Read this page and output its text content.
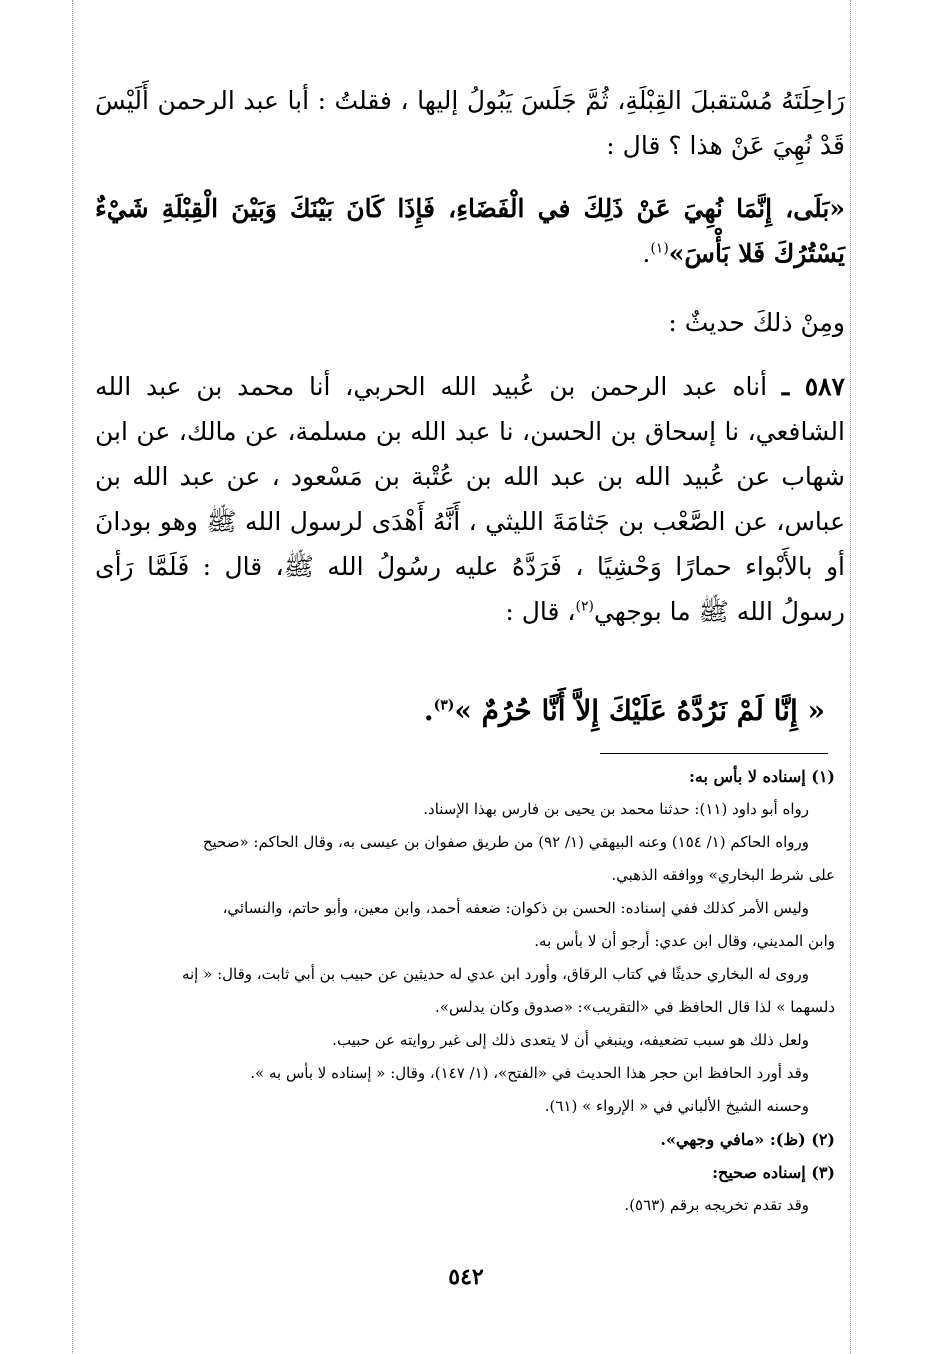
رَاحِلَتَهُ مُسْتقبلَ القِبْلَةِ، ثُمَّ جَلَسَ يَبُولُ إليها ، فقلتُ : أبا عبد الرحمن أَلَيْسَ قَدْ نُهِيَ عَنْ هذا ؟ قال :

«بَلَى، إِنَّمَا نُهِيَ عَنْ ذَلِكَ في الْفَضَاءِ، فَإِذَا كَانَ بَيْنَكَ وَبَيْنَ الْقِبْلَةِ شَيْءٌ يَسْتُرُكَ فَلا بَأْسَ»$^{(١)}$.

ومِنْ ذلكَ حديثٌ :

٥٨٧ ـ أناه عبد الرحمن بن عُبيد الله الحربي، أنا محمد بن عبد الله الشافعي، نا إسحاق بن الحسن، نا عبد الله بن مسلمة، عن مالك، عن ابن شهاب عن عُبيد الله بن عبد الله بن عُتْبة بن مَسْعود ، عن عبد الله بن عباس، عن الصَّعْب بن جَثامَةَ الليثي ، أَنَّهُ أَهْدَى لرسول الله ﷺ وهو بودانَ أو بالأَبْواء حمارًا وَحْشِيًا ، فَرَدَّهُ عليه رسُولُ الله ﷺ، قال : فَلَمَّا رَأى رسولُ الله ﷺ ما بوجهي$^{(٢)}$، قال :

« إِنَّا لَمْ نَرُدَّهُ عَلَيْكَ إِلاَّ أَنَّا حُرُمٌ »$^{(٣)}$.

(١) إسناده لا بأس به:

رواه أبو داود (١١): حدثنا محمد بن يحيى بن فارس بهذا الإسناد.

ورواه الحاكم (١/ ١٥٤) وعنه البيهقي (١/ ٩٢) من طريق صفوان بن عيسى به، وقال الحاكم: «صحيح

على شرط البخاري» ووافقه الذهبي.

وليس الأمر كذلك ففي إسناده: الحسن بن ذكوان: ضعفه أحمد، وابن معين، وأبو حاتم، والنسائي،

وابن المديني، وقال ابن عدي: أرجو أن لا بأس به.

وروى له البخاري حديثًا في كتاب الرقاق، وأورد ابن عدي له حديثين عن حبيب بن أبي ثابت، وقال: « إنه

دلسهما » لذا قال الحافظ في «التقريب»: «صدوق وكان يدلس».

ولعل ذلك هو سبب تضعيفه، وينبغي أن لا يتعدى ذلك إلى غير روايته عن حبيب.

وقد أورد الحافظ ابن حجر هذا الحديث في «الفتح»، (١/ ١٤٧)، وقال: « إسناده لا بأس به ».

وحسنه الشيخ الألباني في « الإرواء » (٦١).

(٢) (ظ): «مافي وجهي».

(٣) إسناده صحيح:

وقد تقدم تخريجه برقم (٥٦٣).

٥٤٢
